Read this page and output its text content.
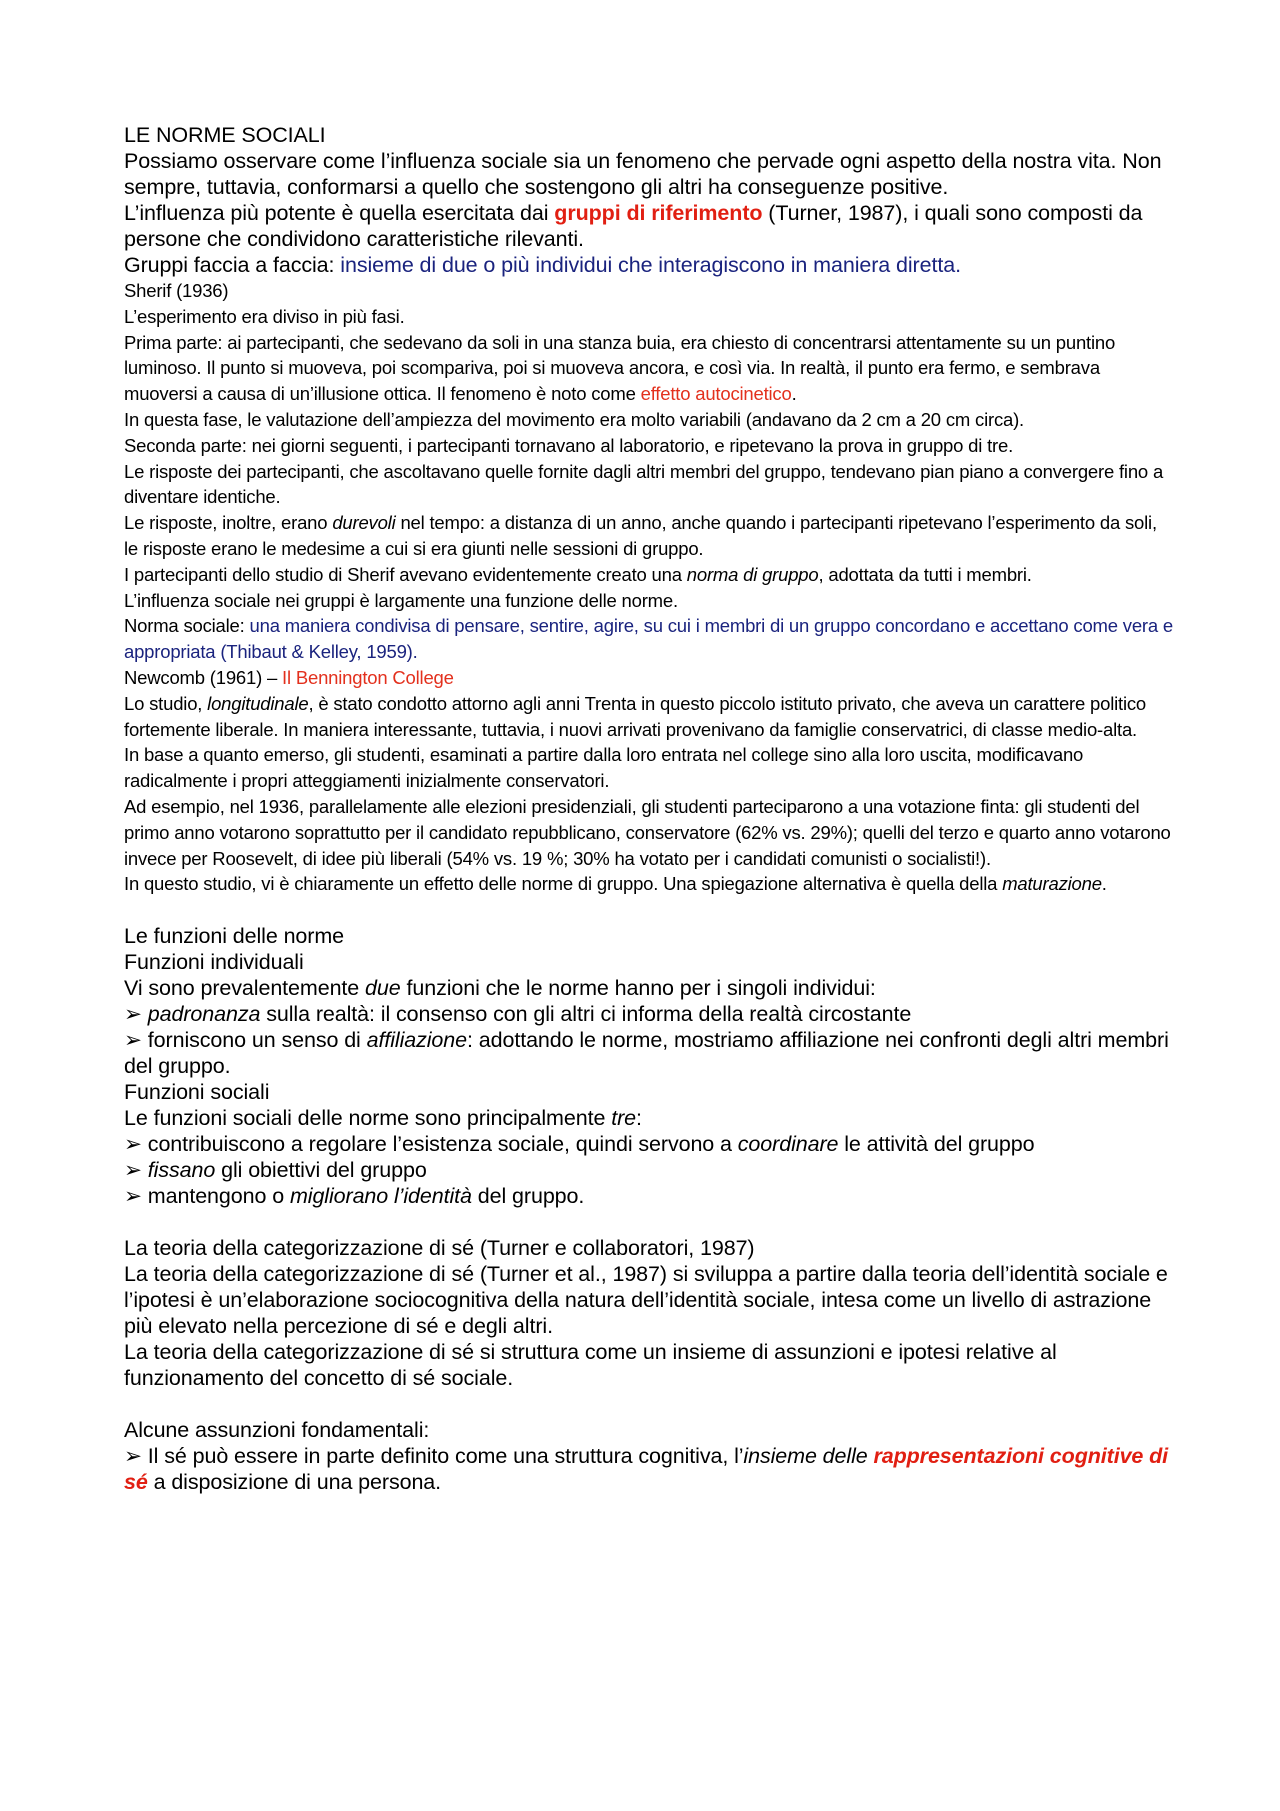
LE NORME SOCIALI

Possiamo osservare come l’influenza sociale sia un fenomeno che pervade ogni aspetto della nostra vita. Non sempre, tuttavia, conformarsi a quello che sostengono gli altri ha conseguenze positive.

L’influenza più potente è quella esercitata dai gruppi di riferimento (Turner, 1987), i quali sono composti da persone che condividono caratteristiche rilevanti.

Gruppi faccia a faccia: insieme di due o più individui che interagiscono in maniera diretta.

Sherif (1936)

L’esperimento era diviso in più fasi.

Prima parte: ai partecipanti, che sedevano da soli in una stanza buia, era chiesto di concentrarsi attentamente su un puntino luminoso. Il punto si muoveva, poi scompariva, poi si muoveva ancora, e così via. In realtà, il punto era fermo, e sembrava muoversi a causa di un’illusione ottica. Il fenomeno è noto come effetto autocinetico.

In questa fase, le valutazione dell’ampiezza del movimento era molto variabili (andavano da 2 cm a 20 cm circa).

Seconda parte: nei giorni seguenti, i partecipanti tornavano al laboratorio, e ripetevano la prova in gruppo di tre.

Le risposte dei partecipanti, che ascoltavano quelle fornite dagli altri membri del gruppo, tendevano pian piano a convergere fino a diventare identiche.

Le risposte, inoltre, erano durevoli nel tempo: a distanza di un anno, anche quando i partecipanti ripetevano l’esperimento da soli, le risposte erano le medesime a cui si era giunti nelle sessioni di gruppo.

I partecipanti dello studio di Sherif avevano evidentemente creato una norma di gruppo, adottata da tutti i membri.

L’influenza sociale nei gruppi è largamente una funzione delle norme.

Norma sociale: una maniera condivisa di pensare, sentire, agire, su cui i membri di un gruppo concordano e accettano come vera e appropriata (Thibaut & Kelley, 1959).

Newcomb (1961) – Il Bennington College

Lo studio, longitudinale, è stato condotto attorno agli anni Trenta in questo piccolo istituto privato, che aveva un carattere politico fortemente liberale. In maniera interessante, tuttavia, i nuovi arrivati provenivano da famiglie conservatrici, di classe medio-alta.

In base a quanto emerso, gli studenti, esaminati a partire dalla loro entrata nel college sino alla loro uscita, modificavano radicalmente i propri atteggiamenti inizialmente conservatori.

Ad esempio, nel 1936, parallelamente alle elezioni presidenziali, gli studenti parteciparono a una votazione finta: gli studenti del primo anno votarono soprattutto per il candidato repubblicano, conservatore (62% vs. 29%); quelli del terzo e quarto anno votarono invece per Roosevelt, di idee più liberali (54% vs. 19 %; 30% ha votato per i candidati comunisti o socialisti!).

In questo studio, vi è chiaramente un effetto delle norme di gruppo. Una spiegazione alternativa è quella della maturazione.

Le funzioni delle norme

Funzioni individuali

Vi sono prevalentemente due funzioni che le norme hanno per i singoli individui:

➢ padronanza sulla realtà: il consenso con gli altri ci informa della realtà circostante

➢ forniscono un senso di affiliazione: adottando le norme, mostriamo affiliazione nei confronti degli altri membri del gruppo.

Funzioni sociali

Le funzioni sociali delle norme sono principalmente tre:

➢ contribuiscono a regolare l’esistenza sociale, quindi servono a coordinare le attività del gruppo

➢ fissano gli obiettivi del gruppo

➢ mantengono o migliorano l’identità del gruppo.

La teoria della categorizzazione di sé (Turner e collaboratori, 1987)

La teoria della categorizzazione di sé (Turner et al., 1987) si sviluppa a partire dalla teoria dell’identità sociale e l’ipotesi è un’elaborazione sociocognitiva della natura dell’identità sociale, intesa come un livello di astrazione più elevato nella percezione di sé e degli altri.

La teoria della categorizzazione di sé si struttura come un insieme di assunzioni e ipotesi relative al funzionamento del concetto di sé sociale.

Alcune assunzioni fondamentali:

➢ Il sé può essere in parte definito come una struttura cognitiva, l’insieme delle rappresentazioni cognitive di sé a disposizione di una persona.
